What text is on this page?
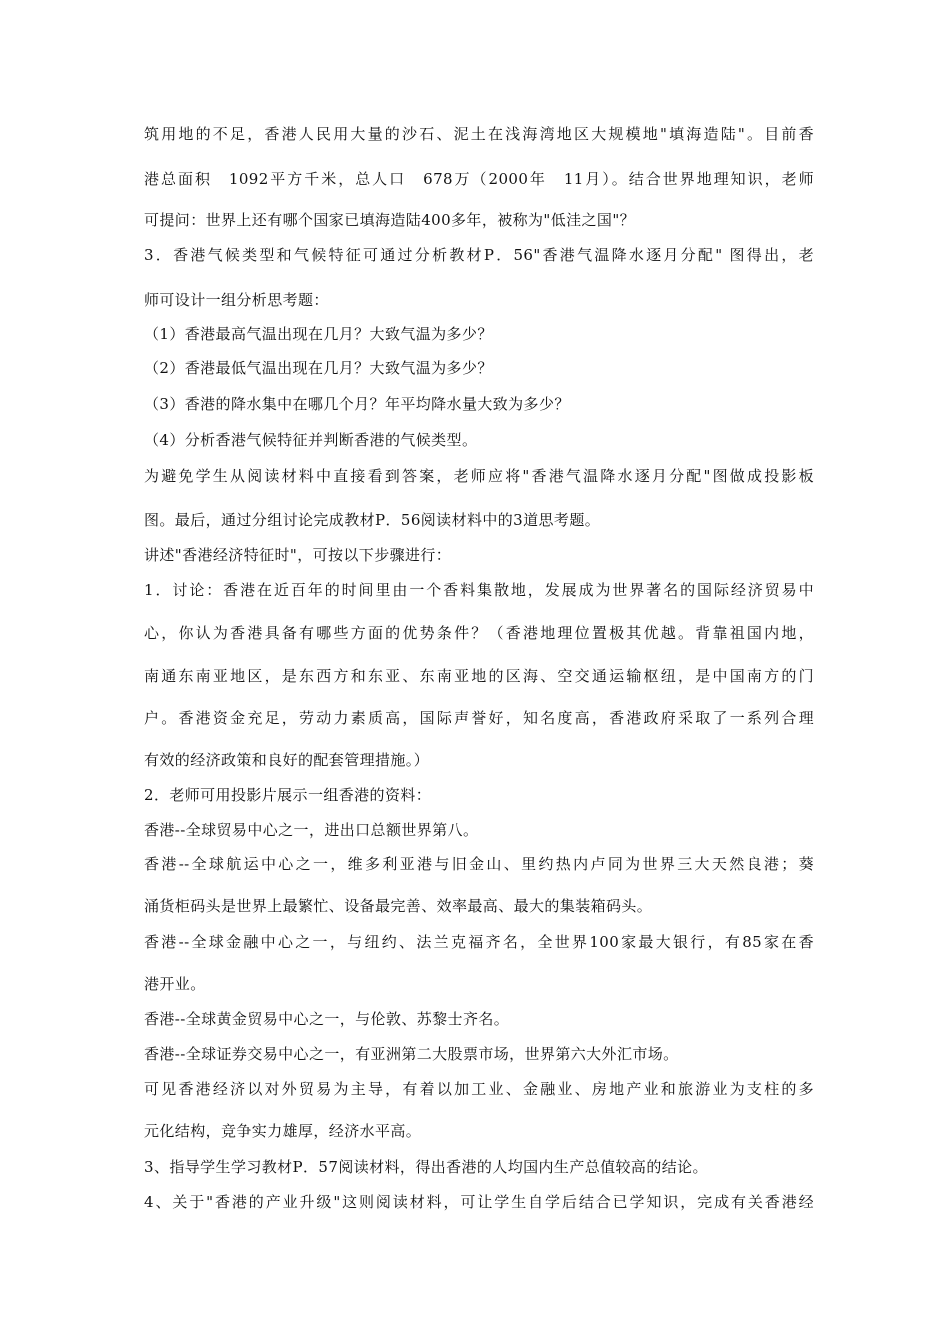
筑用地的不足，香港人民用大量的沙石、泥土在浅海湾地区大规模地"填海造陆"。目前香
港总面积　1092平方千米，总人口　678万（2000年　11月）。结合世界地理知识，老师
可提问：世界上还有哪个国家已填海造陆400多年，被称为"低洼之国"？
3．香港气候类型和气候特征可通过分析教材P．56"香港气温降水逐月分配" 图得出，老
师可设计一组分析思考题：
（1）香港最高气温出现在几月？大致气温为多少？
（2）香港最低气温出现在几月？大致气温为多少？
（3）香港的降水集中在哪几个月？年平均降水量大致为多少？
（4）分析香港气候特征并判断香港的气候类型。
为避免学生从阅读材料中直接看到答案，老师应将"香港气温降水逐月分配"图做成投影板
图。最后，通过分组讨论完成教材P．56阅读材料中的3道思考题。
讲述"香港经济特征时"，可按以下步骤进行：
1．讨论：香港在近百年的时间里由一个香料集散地，发展成为世界著名的国际经济贸易中
心，你认为香港具备有哪些方面的优势条件？（香港地理位置极其优越。背靠祖国内地，
南通东南亚地区，是东西方和东亚、东南亚地的区海、空交通运输枢纽，是中国南方的门
户。香港资金充足，劳动力素质高，国际声誉好，知名度高，香港政府采取了一系列合理
有效的经济政策和良好的配套管理措施。）
2．老师可用投影片展示一组香港的资料：
香港--全球贸易中心之一，进出口总额世界第八。
香港--全球航运中心之一，维多利亚港与旧金山、里约热内卢同为世界三大天然良港；葵
涌货柜码头是世界上最繁忙、设备最完善、效率最高、最大的集装箱码头。
香港--全球金融中心之一，与纽约、法兰克福齐名，全世界100家最大银行，有85家在香
港开业。
香港--全球黄金贸易中心之一，与伦敦、苏黎士齐名。
香港--全球证券交易中心之一，有亚洲第二大股票市场，世界第六大外汇市场。
可见香港经济以对外贸易为主导，有着以加工业、金融业、房地产业和旅游业为支柱的多
元化结构，竞争实力雄厚，经济水平高。
3、指导学生学习教材P．57阅读材料，得出香港的人均国内生产总值较高的结论。
4、关于"香港的产业升级"这则阅读材料，可让学生自学后结合已学知识，完成有关香港经
